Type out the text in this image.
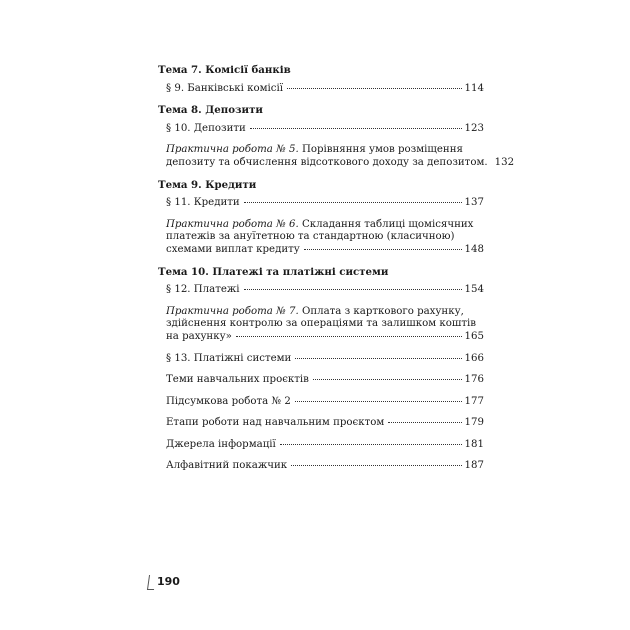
Тема 7. Комісії банків
§ 9. Банківські комісії	114
Тема 8. Депозити
§ 10. Депозити	123
Практична робота № 5. Порівняння умов розміщення
депозиту та обчислення відсоткового доходу за депозитом. 132
Тема 9. Кредити
§ 11. Кредити	137
Практична робота № 6. Складання таблиці щомісячних
платежів за ануїтетною та стандартною (класичною)
схемами виплат кредиту	148
Тема 10. Платежі та платіжні системи
§ 12. Платежі	154
Практична робота № 7. Оплата з карткового рахунку,
здійснення контролю за операціями та залишком коштів
на рахунку»	165
§ 13. Платіжні системи	166
Теми навчальних проєктів	176
Підсумкова робота № 2	177
Етапи роботи над навчальним проєктом	179
Джерела інформації	181
Алфавітний покажчик	187
190
